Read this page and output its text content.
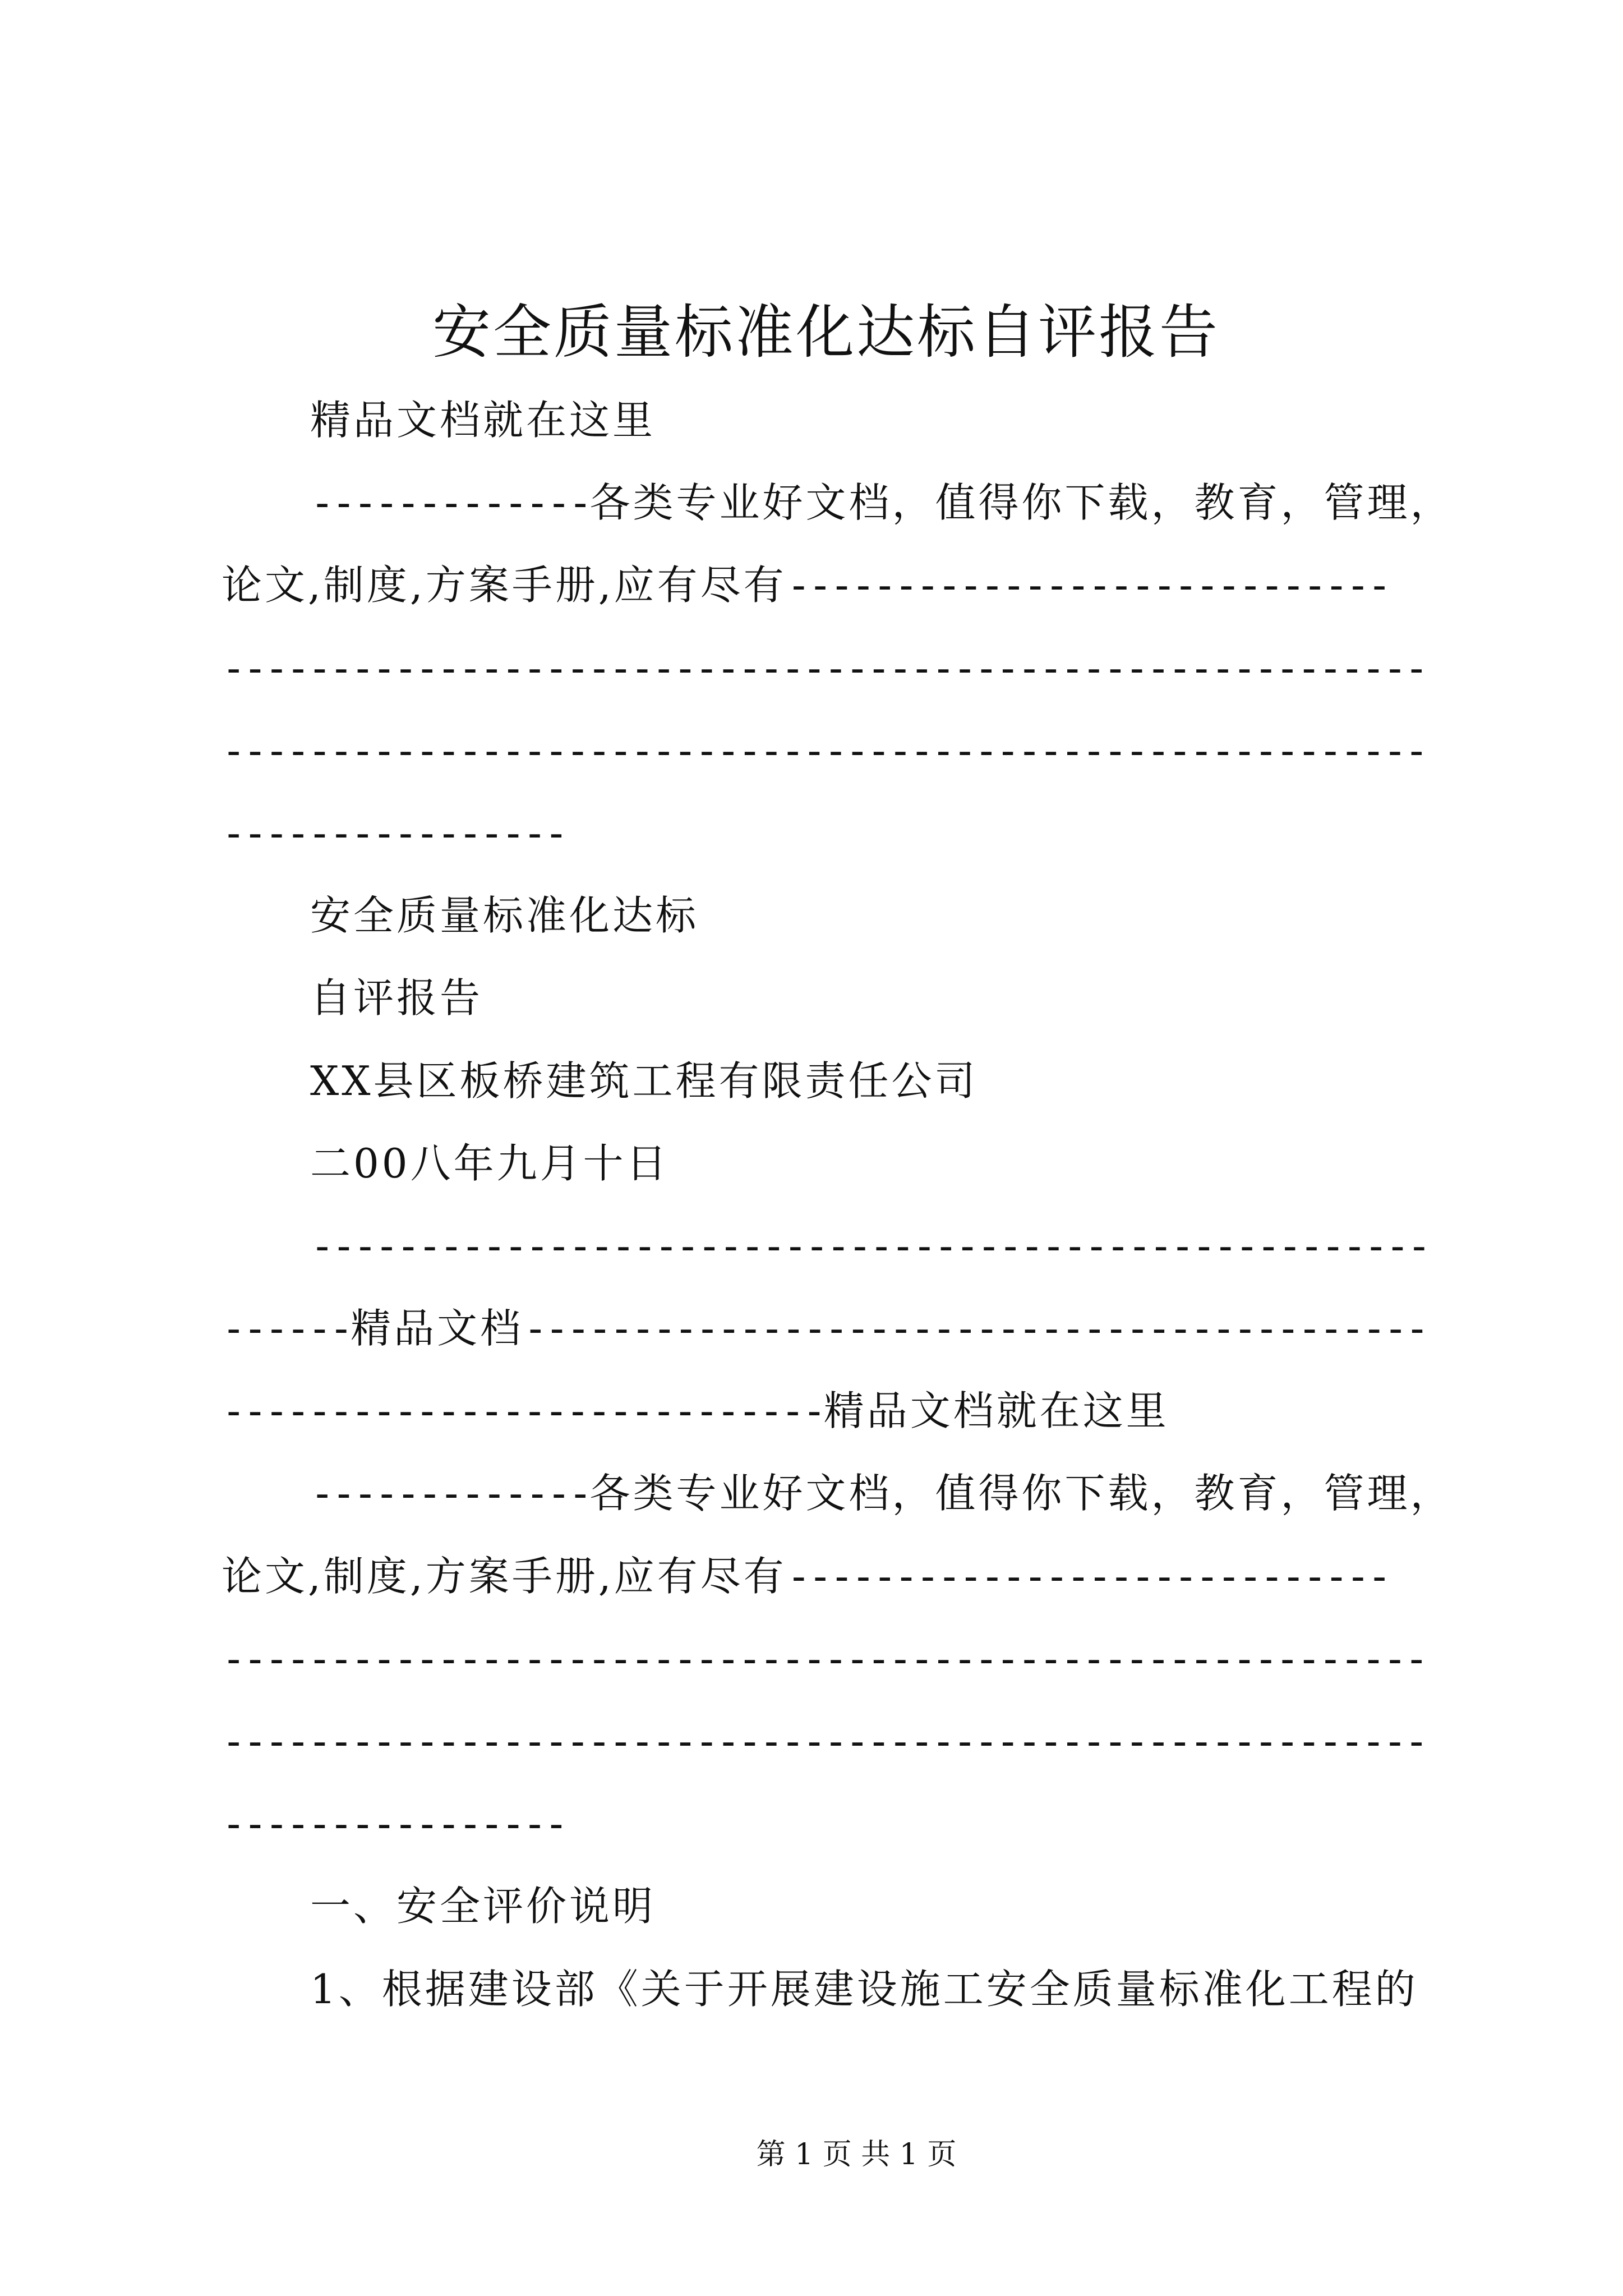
安全质量标准化达标自评报告
精品文档就在这里
-------------各类专业好文档，值得你下载，教育，管理，
论文,制度,方案手册,应有尽有----------------------------
--------------------------------------------------------
--------------------------------------------------------
----------------
安全质量标准化达标
自评报告
XX县区板桥建筑工程有限责任公司
二00八年九月十日
----------------------------------------------------
------精品文档------------------------------------------
----------------------------精品文档就在这里
-------------各类专业好文档，值得你下载，教育，管理，
论文,制度,方案手册,应有尽有----------------------------
--------------------------------------------------------
--------------------------------------------------------
----------------
一、安全评价说明
1、根据建设部《关于开展建设施工安全质量标准化工程的
第 1 页 共 1 页
